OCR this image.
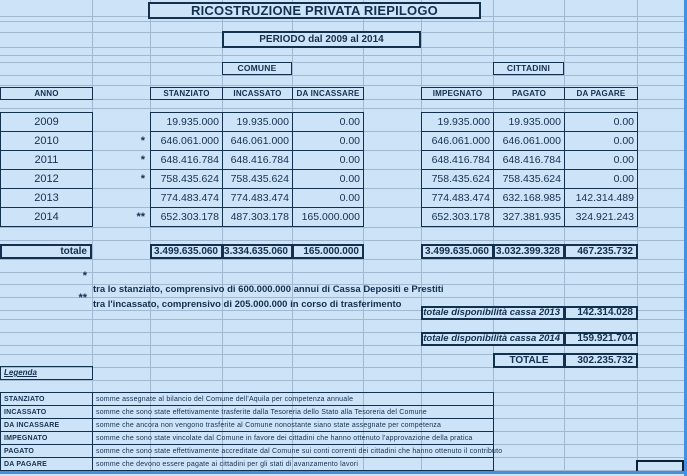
RICOSTRUZIONE PRIVATA RIEPILOGO
PERIODO dal 2009 al 2014
COMUNE	CITTADINI
ANNO	STANZIATO	INCASSATO	DA INCASSARE	IMPEGNATO	PAGATO	DA PAGARE
2009	19.935.000	19.935.000	0.00	19.935.000	19.935.000	0.00
2010	*	646.061.000	646.061.000	0.00	646.061.000	646.061.000	0.00
2011	*	648.416.784	648.416.784	0.00	648.416.784	648.416.784	0.00
2012	*	758.435.624	758.435.624	0.00	758.435.624	758.435.624	0.00
2013	774.483.474	774.483.474	0.00	774.483.474	632.168.985	142.314.489
2014	**	652.303.178	487.303.178	165.000.000	652.303.178	327.381.935	324.921.243
totale	3.499.635.060 3.334.635.060	165.000.000	3.499.635.060 3.032.399.328	467.235.732
*
tra lo stanziato, comprensivo di 600.000.000 annui di Cassa Depositi e Prestiti
**
tra l'incassato, comprensivo di 205.000.000 in corso di trasferimento
totale disponibilità cassa 2013	142.314.028
totale disponibilità cassa 2014	159.921.704
TOTALE	302.235.732
Legenda
STANZIATO	somme assegnate al bilancio del Comune dell'Aquila per competenza annuale
INCASSATO	somme che sono state effettivamente trasferite dalla Tesoreria dello Stato alla Tesoreria del Comune
DA INCASSARE	somme che ancora non vengono trasferite al Comune nonostante siano state assegnate per competenza
IMPEGNATO	somme che sono state vincolate dal Comune in favore dei cittadini che hanno ottenuto l'approvazione della pratica
PAGATO	somme che sono state effettivamente accreditate dal Comune sui conti correnti dei cittadini che hanno ottenuto il contributo
DA PAGARE	somme che devono essere pagate ai cittadini per gli stati di avanzamento lavori
